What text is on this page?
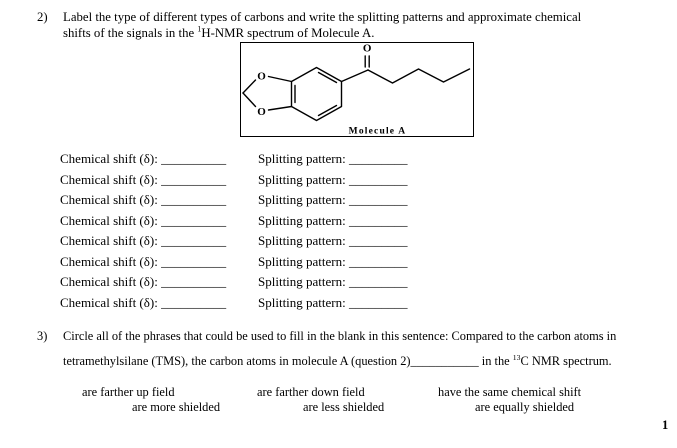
2) Label the type of different types of carbons and write the splitting patterns and approximate chemical
shifts of the signals in the $^1$H-NMR spectrum of Molecule A.
O
O
O
Molecule A
Chemical shift (δ): __________ Splitting pattern: _________
Chemical shift (δ): __________ Splitting pattern: _________
Chemical shift (δ): __________ Splitting pattern: _________
Chemical shift (δ): __________ Splitting pattern: _________
Chemical shift (δ): __________ Splitting pattern: _________
Chemical shift (δ): __________ Splitting pattern: _________
Chemical shift (δ): __________ Splitting pattern: _________
Chemical shift (δ): __________ Splitting pattern: _________
3) Circle all of the phrases that could be used to fill in the blank in this sentence: Compared to the carbon atoms in
tetramethylsilane (TMS), the carbon atoms in molecule A (question 2)___________ in the $^{13}$C NMR spectrum.
are farther up field	are farther down field	have the same chemical shift
are more shielded	are less shielded	are equally shielded
1
